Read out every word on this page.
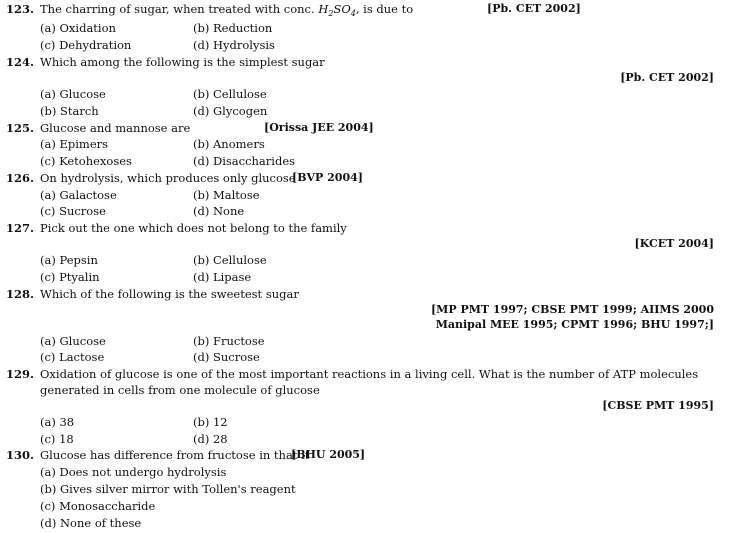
123. The charring of sugar, when treated with conc. $H_2SO_4$, is due to	[Pb. CET 2002]
(a) Oxidation	(b) Reduction
(c) Dehydration	(d) Hydrolysis
124. Which among the following is the simplest sugar
[Pb. CET 2002]
(a) Glucose	(b) Cellulose
(b) Starch	(d) Glycogen
125. Glucose and mannose are	[Orissa JEE 2004]
(a) Epimers	(b) Anomers
(c) Ketohexoses	(d) Disaccharides
126. On hydrolysis, which produces only glucose
[BVP 2004]
(a) Galactose	(b) Maltose
(c) Sucrose	(d) None
127. Pick out the one which does not belong to the family
[KCET 2004]
(a) Pepsin	(b) Cellulose
(c) Ptyalin	(d) Lipase
128. Which of the following is the sweetest sugar
[MP PMT 1997; CBSE PMT 1999; AIIMS 2000
Manipal MEE 1995; CPMT 1996; BHU 1997;]
(a) Glucose	(b) Fructose
(c) Lactose	(d) Sucrose
129. Oxidation of glucose is one of the most important reactions in a living cell. What is the number of ATP molecules generated in cells from one molecule of glucose
[CBSE PMT 1995]
(a) 38	(b) 12
(c) 18	(d) 28
130. Glucose has difference from fructose in that it
[BHU 2005]
(a) Does not undergo hydrolysis
(b) Gives silver mirror with Tollen's reagent
(c) Monosaccharide
(d) None of these
